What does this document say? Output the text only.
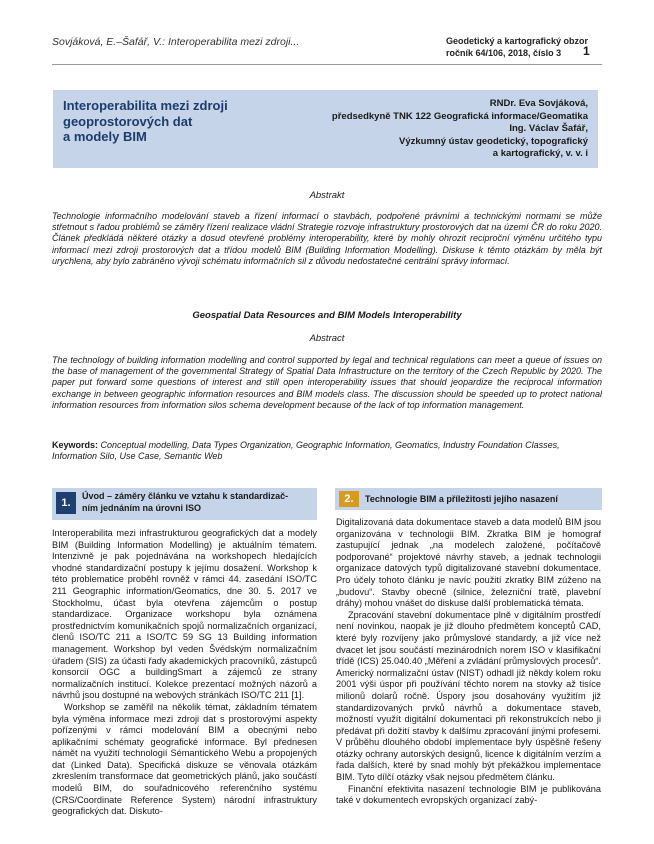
Sovjáková, E.–Šafář, V.: Interoperabilita mezi zdroji...	Geodetický a kartografický obzor
ročník 64/106, 2018, číslo 3	1
Interoperabilita mezi zdroji
geoprostorových dat
a modely BIM
RNDr. Eva Sovjáková,
předsedkyně TNK 122 Geografická informace/Geomatika
Ing. Václav Šafář,
Výzkumný ústav geodetický, topografický
a kartografický, v. v. i
Abstrakt
Technologie informačního modelování staveb a řízení informací o stavbách, podpořené právními a technickými normami se může střetnout s řadou problémů se záměry řízení realizace vládní Strategie rozvoje infrastruktury prostorových dat na území ČR do roku 2020. Článek předkládá některé otázky a dosud otevřené problémy interoperability, které by mohly ohrozit reciproční výměnu určitého typu informací mezi zdroji prostorových dat a třídou modelů BIM (Building Information Modelling). Diskuse k těmto otázkám by měla být urychlena, aby bylo zabráněno vývoji schématu informačních sil z důvodu nedostatečné centrální správy informací.
Geospatial Data Resources and BIM Models Interoperability
Abstract
The technology of building information modelling and control supported by legal and technical regulations can meet a queue of issues on the base of management of the governmental Strategy of Spatial Data Infrastructure on the territory of the Czech Republic by 2020. The paper put forward some questions of interest and still open interoperability issues that should jeopardize the reciprocal information exchange in between geographic information resources and BIM models class. The discussion should be speeded up to protect national information resources from information silos schema development because of the lack of top information management.
Keywords: Conceptual modelling, Data Types Organization, Geographic Information, Geomatics, Industry Foundation Classes, Information Silo, Use Case, Semantic Web
1.
Úvod – záměry článku ve vztahu k standardizač-
ním jednáním na úrovni ISO
2.	Technologie BIM a příležitosti jejího nasazení

Interoperabilita mezi infrastrukturou geografických dat a modely BIM (Building Information Modelling) je aktuálním tématem. Intenzivně je pak pojednávána na workshopech hledajících vhodné standardizační postupy k jejímu dosažení. Workshop k této problematice proběhl rovněž v rámci 44. zasedání ISO/TC 211 Geographic information/Geomatics, dne 30. 5. 2017 ve Stockholmu, účast byla otevřena zájemcům o postup standardizace. Organizace workshopu byla oznámena prostřednictvím komunikačních spojů normalizačních organizací, členů ISO/TC 211 a ISO/TC 59 SG 13 Building information management. Workshop byl veden Švédským normalizačním úřadem (SIS) za účasti řady akademických pracovníků, zástupců konsorcií OGC a buildingSmart a zájemců ze strany normalizačních institucí. Kolekce prezentací možných názorů a návrhů jsou dostupné na webových stránkách ISO/TC 211 [1].

Workshop se zaměřil na několik témat, základním tématem byla výměna informace mezi zdroji dat s prostorovými aspekty pořízenými v rámci modelování BIM a obecnými nebo aplikačními schématy geografické informace. Byl přednesen námět na využití technologií Sémantického Webu a propojených dat (Linked Data). Specifická diskuze se věnovala otázkám zkreslením transformace dat geometrických plánů, jako součástí modelů BIM, do souřadnicového referenčního systému (CRS/Coordinate Reference System) národní infrastruktury geografických dat. Diskuto-

Digitalizovaná data dokumentace staveb a data modelů BIM jsou organizována v technologii BIM. Zkratka BIM je homograf zastupující jednak „na modelech založené, počítačově podporované“ projektové návrhy staveb, a jednak technologii organizace datových typů digitalizované stavební dokumentace. Pro účely tohoto článku je navíc použití zkratky BIM zúženo na „budovu“. Stavby obecně (silnice, železniční tratě, plavební dráhy) mohou vnášet do diskuse další problematická témata.

Zpracování stavební dokumentace plně v digitálním prostředí není novinkou, naopak je již dlouho předmětem konceptů CAD, které byly rozvíjeny jako průmyslové standardy, a již více než dvacet let jsou součástí mezinárodních norem ISO v klasifikační třídě (ICS) 25.040.40 „Měření a zvládání průmyslových procesů“. Americký normalizační ústav (NIST) odhadl již někdy kolem roku 2001 výši úspor při používání těchto norem na stovky až tisíce milionů dolarů ročně. Úspory jsou dosahovány využitím již standardizovaných prvků návrhů a dokumentace staveb, možností využít digitální dokumentaci při rekonstrukcích nebo ji předávat při dožití stavby k dalšímu zpracování jinými profesemi. V průběhu dlouhého období implementace byly úspěšně řešeny otázky ochrany autorských designů, licence k digitálním verzím a řada dalších, které by snad mohly být překážkou implementace BIM. Tyto dílčí otázky však nejsou předmětem článku.

Finanční efektivita nasazení technologie BIM je publikována také v dokumentech evropských organizací zabý-
